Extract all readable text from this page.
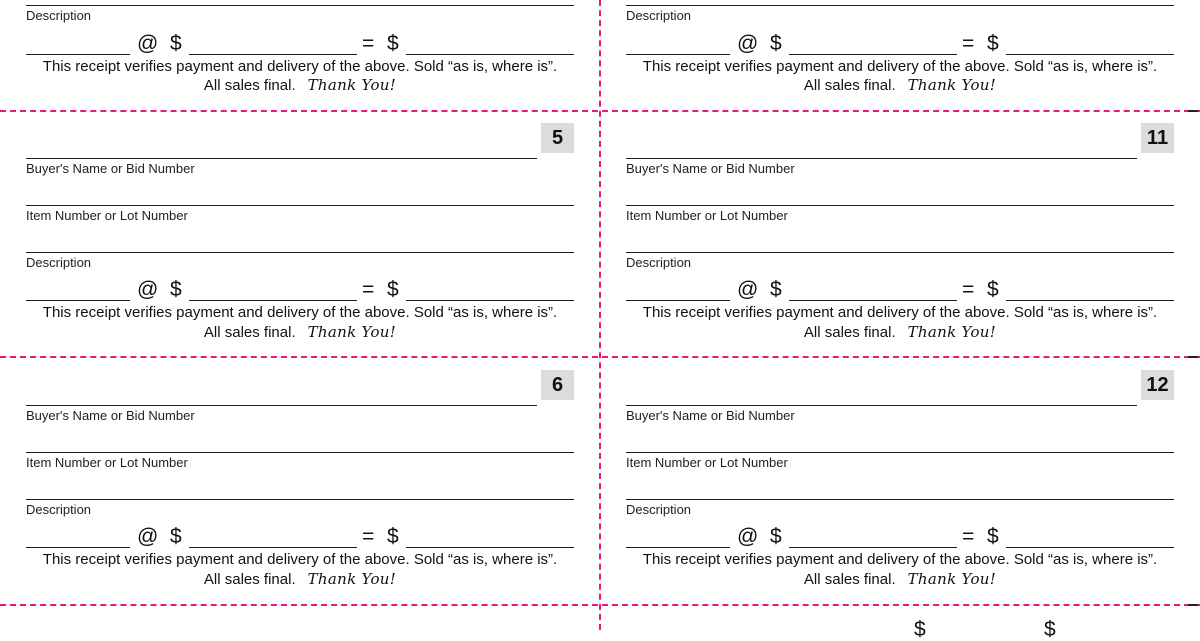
Description
@ $	= $
This receipt verifies payment and delivery of the above. Sold “as is, where is”.
All sales final. Thank You!
5
Buyer's Name or Bid Number
Item Number or Lot Number
Description
@ $	= $
This receipt verifies payment and delivery of the above. Sold “as is, where is”.
All sales final. Thank You!
6
Buyer's Name or Bid Number
Item Number or Lot Number
Description
@ $	= $
This receipt verifies payment and delivery of the above. Sold “as is, where is”.
All sales final. Thank You!
Description
@ $	= $
This receipt verifies payment and delivery of the above. Sold “as is, where is”.
All sales final. Thank You!
11
Buyer's Name or Bid Number
Item Number or Lot Number
Description
@ $	= $
This receipt verifies payment and delivery of the above. Sold “as is, where is”.
All sales final. Thank You!
12
Buyer's Name or Bid Number
Item Number or Lot Number
Description
@ $	= $
This receipt verifies payment and delivery of the above. Sold “as is, where is”.
All sales final. Thank You!
$	$
